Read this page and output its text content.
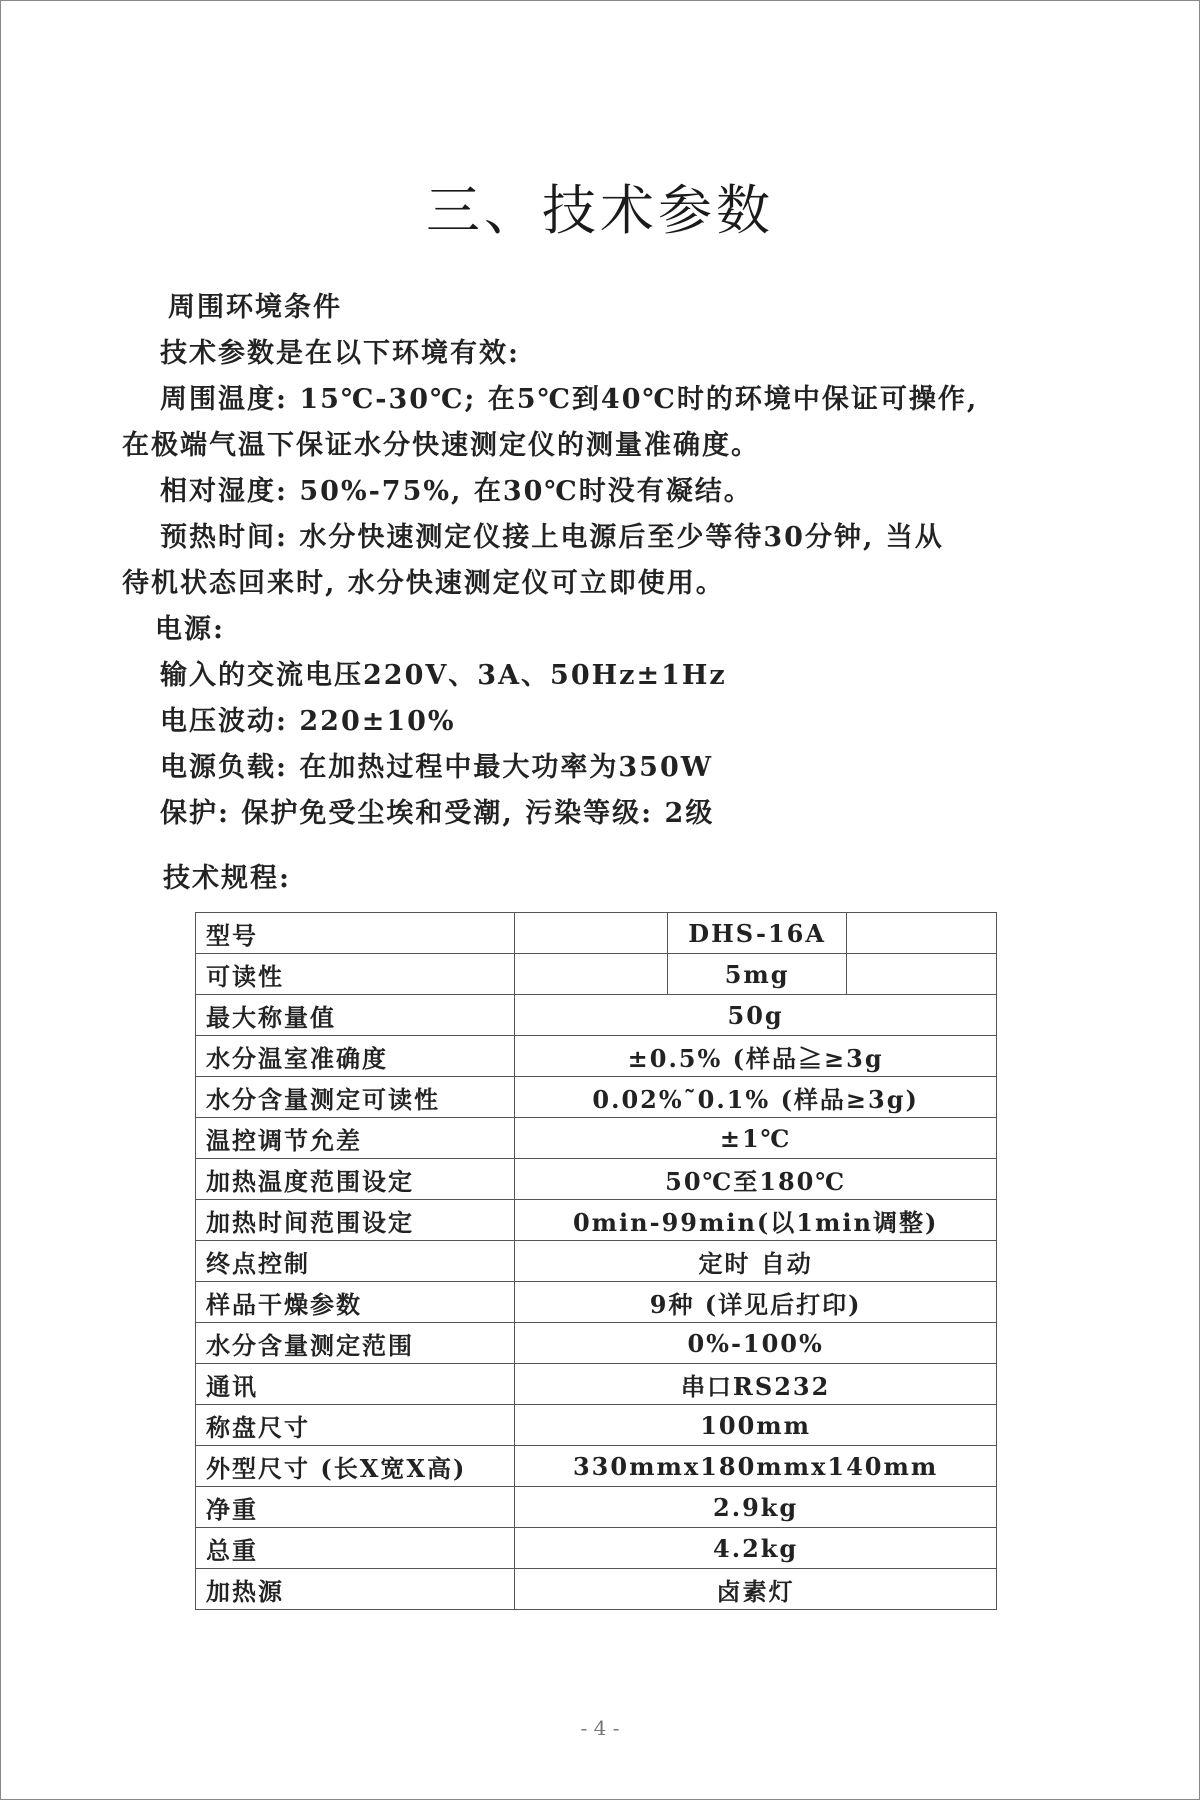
三、技术参数
周围环境条件
技术参数是在以下环境有效:
周围温度: 15℃-30℃; 在5℃到40℃时的环境中保证可操作,
在极端气温下保证水分快速测定仪的测量准确度。
相对湿度: 50%-75%, 在30℃时没有凝结。
预热时间: 水分快速测定仪接上电源后至少等待30分钟, 当从
待机状态回来时, 水分快速测定仪可立即使用。
电源:
输入的交流电压220V、3A、50Hz±1Hz
电压波动: 220±10%
电源负载: 在加热过程中最大功率为350W
保护: 保护免受尘埃和受潮, 污染等级: 2级
技术规程:
型号		DHS-16A	
可读性		5mg	
最大称量值	50g		
水分温室准确度	±0.5% (样品≧≥3g		
水分含量测定可读性	0.02%˜0.1% (样品≥3g)		
温控调节允差	±1℃		
加热温度范围设定	50℃至180℃		
加热时间范围设定	0min-99min(以1min调整)		
终点控制	定时 自动		
样品干燥参数	9种 (详见后打印)		
水分含量测定范围	0%-100%		
通讯	串口RS232		
称盘尺寸	100mm		
外型尺寸 (长X宽X高)	330mmx180mmx140mm		
净重	2.9kg		
总重	4.2kg		
加热源	卤素灯		
- 4 -
